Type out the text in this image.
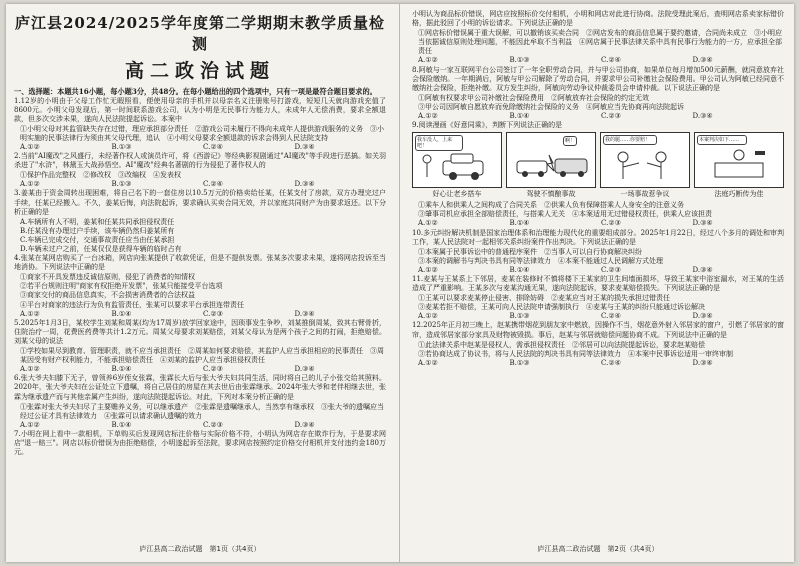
庐江县2024/2025学年度第二学期期末教学质量检测
高二政治试题
一、选择题：本题共16小题，每小题3分，共48分。在每小题给出的四个选项中，只有一项是最符合题目要求的。
1.12岁的小明由于父母工作忙无暇照看，便使用母亲的手机并以母亲名义注册账号打游戏，短短几天就向游戏充值了8600元。小明父母发现后，第一时间联系游戏公司，认为小明是无民事行为能力人，未成年人无偿消费，要求全额退款，但多次交涉未果，遂向人民法院提起诉讼。本案中
①小明父母对其监管缺失存在过错，理应承担部分责任　②游戏公司未履行不得向未成年人提供游戏服务的义务　③小明实施的民事法律行为须由其父母代理，追认　④小明父母要求全额退款的诉求会得到人民法院支持
A.①②	B.①③	C.②④	D.③④
2.当前"AI魔改"之风盛行，未经著作权人或演员许可，将《西游记》等经典影视剧通过"AI魔改"等手段进行恶搞。如关羽杀进了"水浒"，林黛玉大战孙悟空。AI"魔改"经典名著剧的行为侵犯了著作权人的
①保护作品完整权　②修改权　③改编权　④发表权
A.①②	B.①③	C.②④	D.③④
3.姜某由于资金周转出现困难，将自己名下的一套住房以10.5万元的价格卖给任某，任某支付了房款，双方办理完过户手续，任某已经搬入。不久，姜某后悔，向法院起诉，要求确认买卖合同无效，并以家庭共同财产为由要求返还。以下分析正确的是
A.车辆所有人不明，姜某和任某共同承担侵权责任
B.任某没有办理过户手续，该车辆仍然归姜某所有
C.车辆已完成交付，交通事故责任应当由任某承担
D.车辆未过户之前，任某仅仅是获得车辆的临时占有
4.张某在某网店购买了一台冰箱，网店向张某提供了收款凭证，但是不提供发票。张某多次要求未果，遂将网店投诉至当地消协。下列说法中正确的是
①商家不开具发票违反诚信原则，侵犯了消费者的知情权
②若平台规则注明"商家有权拒绝开发票"，张某只能接受平台选项
③商家交付的商品信息真实，不会损害消费者的合法权益
④平台对商家的违法行为负有监管责任，张某可以要求平台承担连带责任
A.①②	B.①④	C.②③	D.③④
5.2025年1月3日，某校学生刘某和周某(均为17周岁)放学回家途中，因琐事发生争吵，刘某推倒周某，致其右臂骨折，住院治疗一周，花费医药费等共计1.2万元。周某父母要求刘某赔偿，刘某父母认为是两个孩子之间的打闹，拒绝赔偿。刘某父母的说法
①学校如果尽到教育、管理职责，就不应当承担责任　②周某如何要求赔偿，其监护人应当承担相应的民事责任　③周某因受有财产权利能力，不能承担赔偿责任　④刘某的监护人应当承担侵权责任
A.①②	B.①④	C.②③	D.③④
6.张大爷夫妇膝下无子，曾领养6岁侄女张霖，张霖长大后与张大爷夫妇共同生活，同时将自己的儿子小张交给其照料。2020年，张大爷夫妇在公证处立下遗嘱，将自己居住的房屋在其去世后由张霖继承。2024年张大爷和老伴相继去世，张霖为继承遗产而与其他亲属产生纠纷，遂向法院提起诉讼。对此，下列对本案分析正确的是
①张霖对张大爷夫妇尽了主要赡养义务，可以继承遗产　②张霖是遗嘱继承人，当然享有继承权　③张大爷的遗嘱应当经过公证才具有法律效力　④张霖可以请求确认遗嘱的效力
A.①②	B.①④	C.②③	D.③④
7.小明在网上看中一款相机，下单购买后发现网店标注价格与实际价格不符，小明认为网店存在欺诈行为，于是要求网店"退一赔三"。网店以标价错误为由拒绝赔偿，小明遂起诉至法院，要求网店按照约定价格交付相机并支付违约金180万元。
庐江县高二政治试题　第1页（共4页）
小明认为商品标价错误，网店应按照标价交付相机，小明和网店对此进行协商。法院受理此案后，查明网店系卖家标错价格，据此驳回了小明的诉讼请求。下列说法正确的是
①网店标价错误属于重大误解，可以撤销该买卖合同　②网店发布的商品信息属于要约邀请，合同尚未成立　③小明应当依据诚信原则处理问题，不能因此牟取不当利益　④网店属于民事法律关系中具有民事行为能力的一方，应承担全部责任
A.①②	B.①③	C.②④	D.③④
8.阿敏与一家互联网平台公司签订了一年全职劳动合同，并与甲公司协商，如果单位每月增加500元薪酬，就同意放弃社会保险缴纳。一年期满后，阿敏与甲公司解除了劳动合同，并要求甲公司补缴社会保险费用。甲公司认为阿敏已经同意不缴纳社会保险，拒绝补缴。双方发生纠纷，阿敏向劳动争议仲裁委员会申请仲裁。以下说法正确的是
①阿敏有权要求甲公司补缴社会保险费用　②阿敏放弃社会保险的约定无效
③甲公司因阿敏自愿放弃而免除缴纳社会保险的义务　④阿敏应当先协商再向法院起诉
A.①②	B.①④	C.②③	D.③④
9.阅读漫画《好意同乘》，判断下列说法正确的是
我车没人，上来吧！
啊！	我的腿……你要赔！	本案判决如下……
好心让老乡搭车	驾驶不慎酿事故	一场事故惹争议	法庭巧断传为佳
①乘车人和供乘人之间构成了合同关系　②供乘人负有保障搭乘人人身安全的注意义务
③肇事司机应承担全部赔偿责任，与搭乘人无关　④本案适用无过错侵权责任，供乘人应该担责
A.①②	B.①④	C.②③	D.③④
10.多元纠纷解决机制是国家治理体系和治理能力现代化的重要组成部分。2025年1月22日，经过八个多月的调处和审判工作，某人民法院对一起相邻关系纠纷案件作出判决。下列说法正确的是
①本案属于民事诉讼中的普通程序案件　②当事人可以自行协商解决纠纷
③本案的调解书与判决书具有同等法律效力　④本案不能通过人民调解方式处理
A.①②	B.①④	C.②③	D.③④
11.麦某与王某系上下邻居，麦某在装修时不慎将楼下王某家的卫生间墙面损坏，导致王某家中浴室漏水，对王某的生活造成了严重影响。王某多次与麦某沟通无果，遂向法院起诉，要求麦某赔偿损失。下列说法正确的是
①王某可以要求麦某停止侵害、排除妨碍　②麦某应当对王某的损失承担过错责任
③麦某若拒不赔偿，王某可向人民法院申请强制执行　④麦某与王某的纠纷只能通过诉讼解决
A.①②	B.①③	C.②④	D.③④
12.2025年正月初三晚上，赵某携带烟花到朋友家中燃放，因操作不当，烟花意外射入邻居家的窗户，引燃了邻居家的窗帘，造成邻居家部分家具及财物被毁损。事后，赵某与邻居就赔偿问题协商不成。下列说法中正确的是
①此法律关系中赵某是侵权人，需承担侵权责任　②邻居可以向法院提起诉讼，要求赵某赔偿
③若协商达成了协议书，将与人民法院的判决书具有同等法律效力　④本案中民事诉讼适用一审终审制
A.①②	B.①③	C.②④	D.③④
庐江县高二政治试题　第2页（共4页）
